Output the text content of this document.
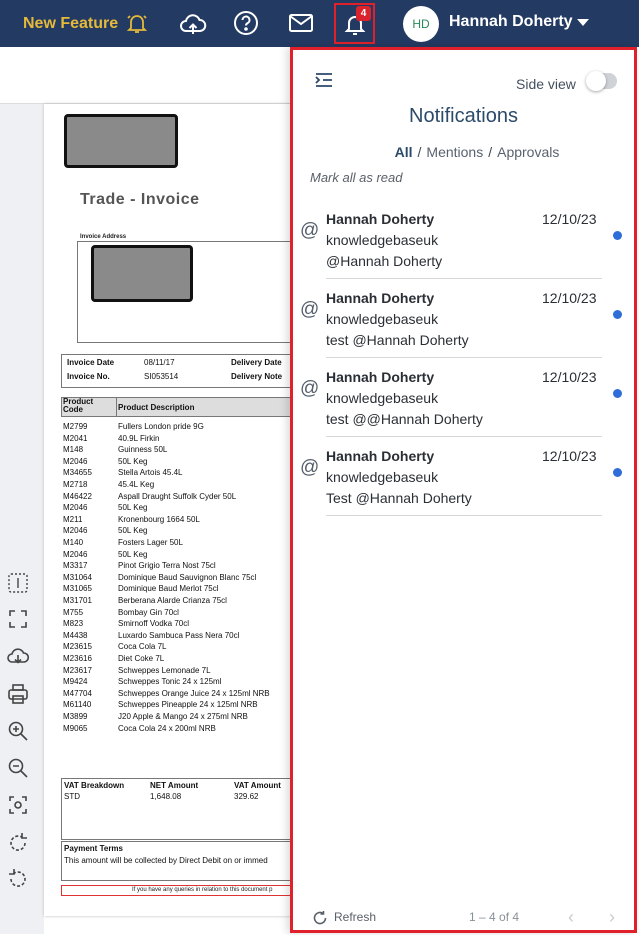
New Feature
4
HD	Hannah Doherty
Trade - Invoice
Invoice Address
Invoice Date	08/11/17	Delivery Date
Invoice No.	SI053514	Delivery Note
Product Code	Product Description
M2799	Fullers London pride 9G
M2041	40.9L Firkin
M148	Guinness 50L
M2046	50L Keg
M34655	Stella Artois 45.4L
M2718	45.4L Keg
M46422	Aspall Draught Suffolk Cyder 50L
M2046	50L Keg
M211	Kronenbourg 1664 50L
M2046	50L Keg
M140	Fosters Lager 50L
M2046	50L Keg
M3317	Pinot Grigio Terra Nost 75cl
M31064	Dominique Baud Sauvignon Blanc 75cl
M31065	Dominique Baud Merlot 75cl
M31701	Berberana Alarde Crianza 75cl
M755	Bombay Gin 70cl
M823	Smirnoff Vodka 70cl
M4438	Luxardo Sambuca Pass Nera 70cl
M23615	Coca Cola 7L
M23616	Diet Coke 7L
M23617	Schweppes Lemonade 7L
M9424	Schweppes Tonic 24 x 125ml
M47704	Schweppes Orange Juice 24 x 125ml NRB
M61140	Schweppes Pineapple 24 x 125ml NRB
M3899	J20 Apple & Mango 24 x 275ml NRB
M9065	Coca Cola 24 x 200ml NRB
VAT Breakdown	NET Amount	VAT Amount
STD	1,648.08	329.62
Payment Terms
This amount will be collected by Direct Debit on or immed
If you have any queries in relation to this document p
Side view
Notifications
All / Mentions / Approvals
Mark all as read
@
Hannah Doherty	12/10/23
knowledgebaseuk
@Hannah Doherty
@
Hannah Doherty	12/10/23
knowledgebaseuk
test @Hannah Doherty
@
Hannah Doherty	12/10/23
knowledgebaseuk
test @@Hannah Doherty
@
Hannah Doherty	12/10/23
knowledgebaseuk
Test @Hannah Doherty
Refresh	1 – 4 of 4	‹ ›
